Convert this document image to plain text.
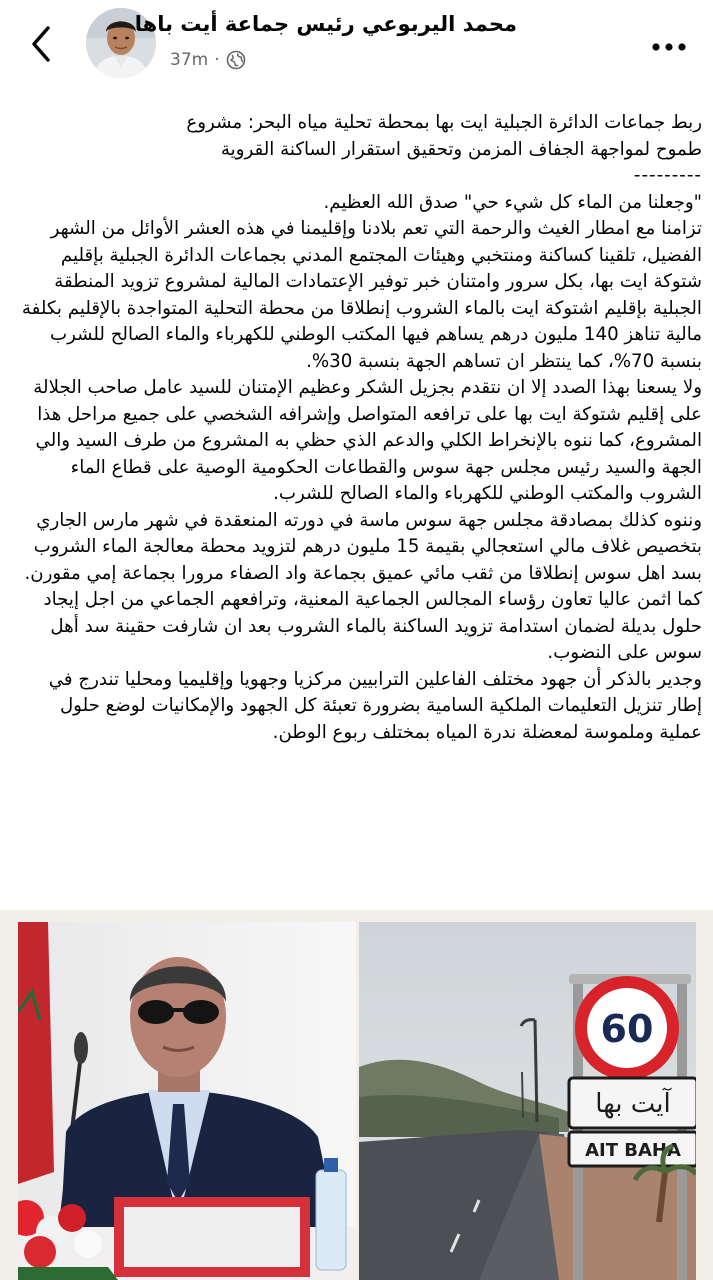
محمد اليربوعي رئيس جماعة أيت باها
37m ·

ربط جماعات الدائرة الجبلية ايت بها بمحطة تحلية مياه البحر: مشروع

طموح لمواجهة الجفاف المزمن وتحقيق استقرار الساكنة القروية

---------

"وجعلنا من الماء كل شيء حي" صدق الله العظيم.

تزامنا مع امطار الغيث والرحمة التي تعم بلادنا وإقليمنا في هذه العشر الأوائل من الشهر الفضيل، تلقينا كساكنة ومنتخبي وهيئات المجتمع المدني بجماعات الدائرة الجبلية بإقليم شتوكة ايت بها، بكل سرور وامتنان خبر توفير الإعتمادات المالية لمشروع تزويد المنطقة الجبلية بإقليم اشتوكة ايت بالماء الشروب إنطلاقا من محطة التحلية المتواجدة بالإقليم بكلفة مالية تناهز 140 مليون درهم يساهم فيها المكتب الوطني للكهرباء والماء الصالح للشرب بنسبة 70%، كما ينتظر ان تساهم الجهة بنسبة 30%.

ولا يسعنا بهذا الصدد إلا ان نتقدم بجزيل الشكر وعظيم الإمتنان للسيد عامل صاحب الجلالة على إقليم شتوكة ايت بها على ترافعه المتواصل وإشرافه الشخصي على جميع مراحل هذا المشروع، كما ننوه بالإنخراط الكلي والدعم الذي حظي به المشروع من طرف السيد والي الجهة والسيد رئيس مجلس جهة سوس والقطاعات الحكومية الوصية على قطاع الماء الشروب والمكتب الوطني للكهرباء والماء الصالح للشرب.

وننوه كذلك بمصادقة مجلس جهة سوس ماسة في دورته المنعقدة في شهر مارس الجاري بتخصيص غلاف مالي استعجالي بقيمة 15 مليون درهم لتزويد محطة معالجة الماء الشروب بسد اهل سوس إنطلاقا من ثقب مائي عميق بجماعة واد الصفاء مرورا بجماعة إمي مقورن.

كما اثمن عاليا تعاون رؤساء المجالس الجماعية المعنية، وترافعهم الجماعي من اجل إيجاد حلول بديلة لضمان استدامة تزويد الساكنة بالماء الشروب بعد ان شارفت حقينة سد أهل سوس على النضوب.

وجدير بالذكر أن جهود مختلف الفاعلين الترابيين مركزيا وجهويا وإقليميا ومحليا تندرج في إطار تنزيل التعليمات الملكية السامية بضرورة تعبئة كل الجهود والإمكانيات لوضع حلول عملية وملموسة لمعضلة ندرة المياه بمختلف ربوع الوطن.

60
آيت بها
AIT BAHA
